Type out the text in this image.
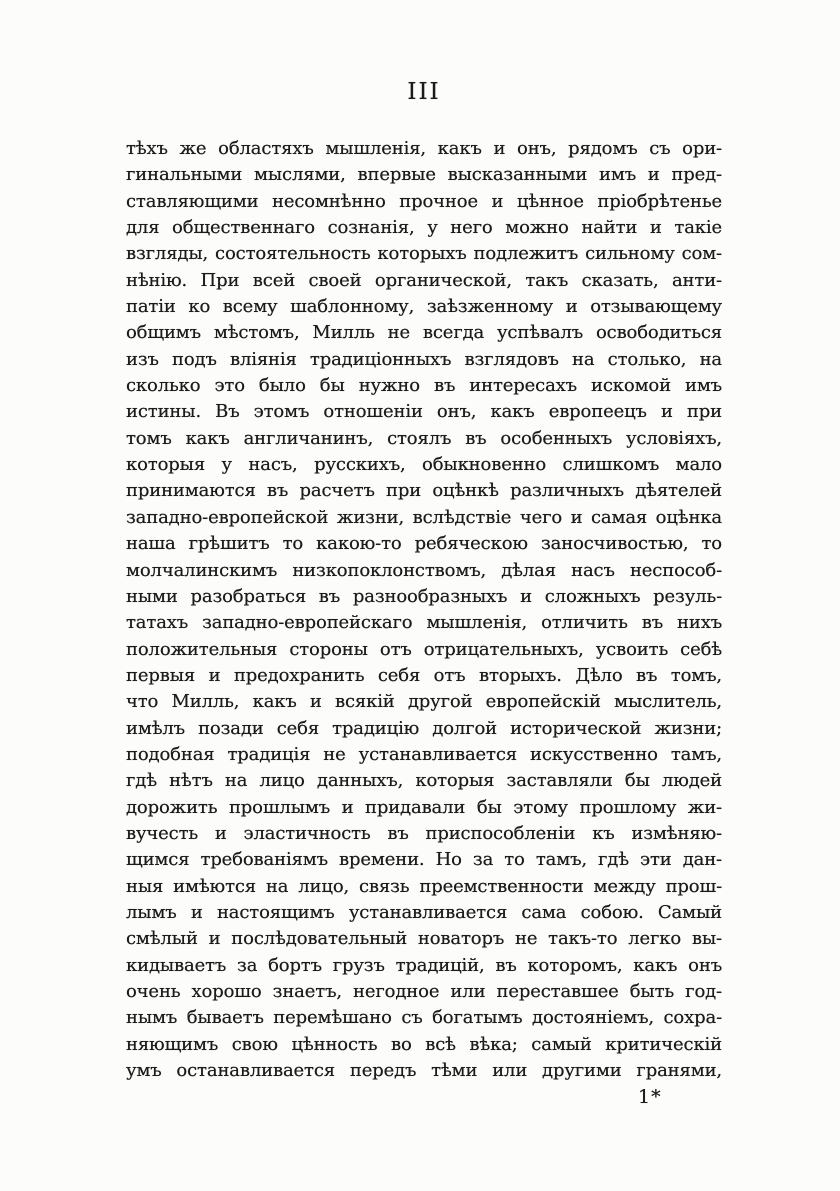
III
тѣхъ же областяхъ мышленія, какъ и онъ, рядомъ съ ори-
гинальными мыслями, впервые высказанными имъ и пред-
ставляющими несомнѣнно прочное и цѣнное пріобрѣтенье
для общественнаго сознанія, у него можно найти и такіе
взгляды, состоятельность которыхъ подлежитъ сильному сом-
нѣнію. При всей своей органической, такъ сказать, анти-
патіи ко всему шаблонному, заѣзженному и отзывающему
общимъ мѣстомъ, Милль не всегда успѣвалъ освободиться
изъ подъ вліянія традиціонныхъ взглядовъ на столько, на
сколько это было бы нужно въ интересахъ искомой имъ
истины. Въ этомъ отношеніи онъ, какъ европеецъ и при
томъ какъ англичанинъ, стоялъ въ особенныхъ условіяхъ,
которыя у насъ, русскихъ, обыкновенно слишкомъ мало
принимаются въ расчетъ при оцѣнкѣ различныхъ дѣятелей
западно-европейской жизни, вслѣдствіе чего и самая оцѣнка
наша грѣшитъ то какою-то ребяческою заносчивостью, то
молчалинскимъ низкопоклонствомъ, дѣлая насъ неспособ-
ными разобраться въ разнообразныхъ и сложныхъ резуль-
татахъ западно-европейскаго мышленія, отличить въ нихъ
положительныя стороны отъ отрицательныхъ, усвоить себѣ
первыя и предохранить себя отъ вторыхъ. Дѣло въ томъ,
что Милль, какъ и всякій другой европейскій мыслитель,
имѣлъ позади себя традицію долгой исторической жизни;
подобная традиція не устанавливается искусственно тамъ,
гдѣ нѣтъ на лицо данныхъ, которыя заставляли бы людей
дорожить прошлымъ и придавали бы этому прошлому жи-
вучесть и эластичность въ приспособленіи къ измѣняю-
щимся требованіямъ времени. Но за то тамъ, гдѣ эти дан-
ныя имѣются на лицо, связь преемственности между прош-
лымъ и настоящимъ устанавливается сама собою. Самый
смѣлый и послѣдовательный новаторъ не такъ-то легко вы-
кидываетъ за бортъ грузъ традицій, въ которомъ, какъ онъ
очень хорошо знаетъ, негодное или переставшее быть год-
нымъ бываетъ перемѣшано съ богатымъ достояніемъ, сохра-
няющимъ свою цѣнность во всѣ вѣка; самый критическій
умъ останавливается передъ тѣми или другими гранями,
1*
